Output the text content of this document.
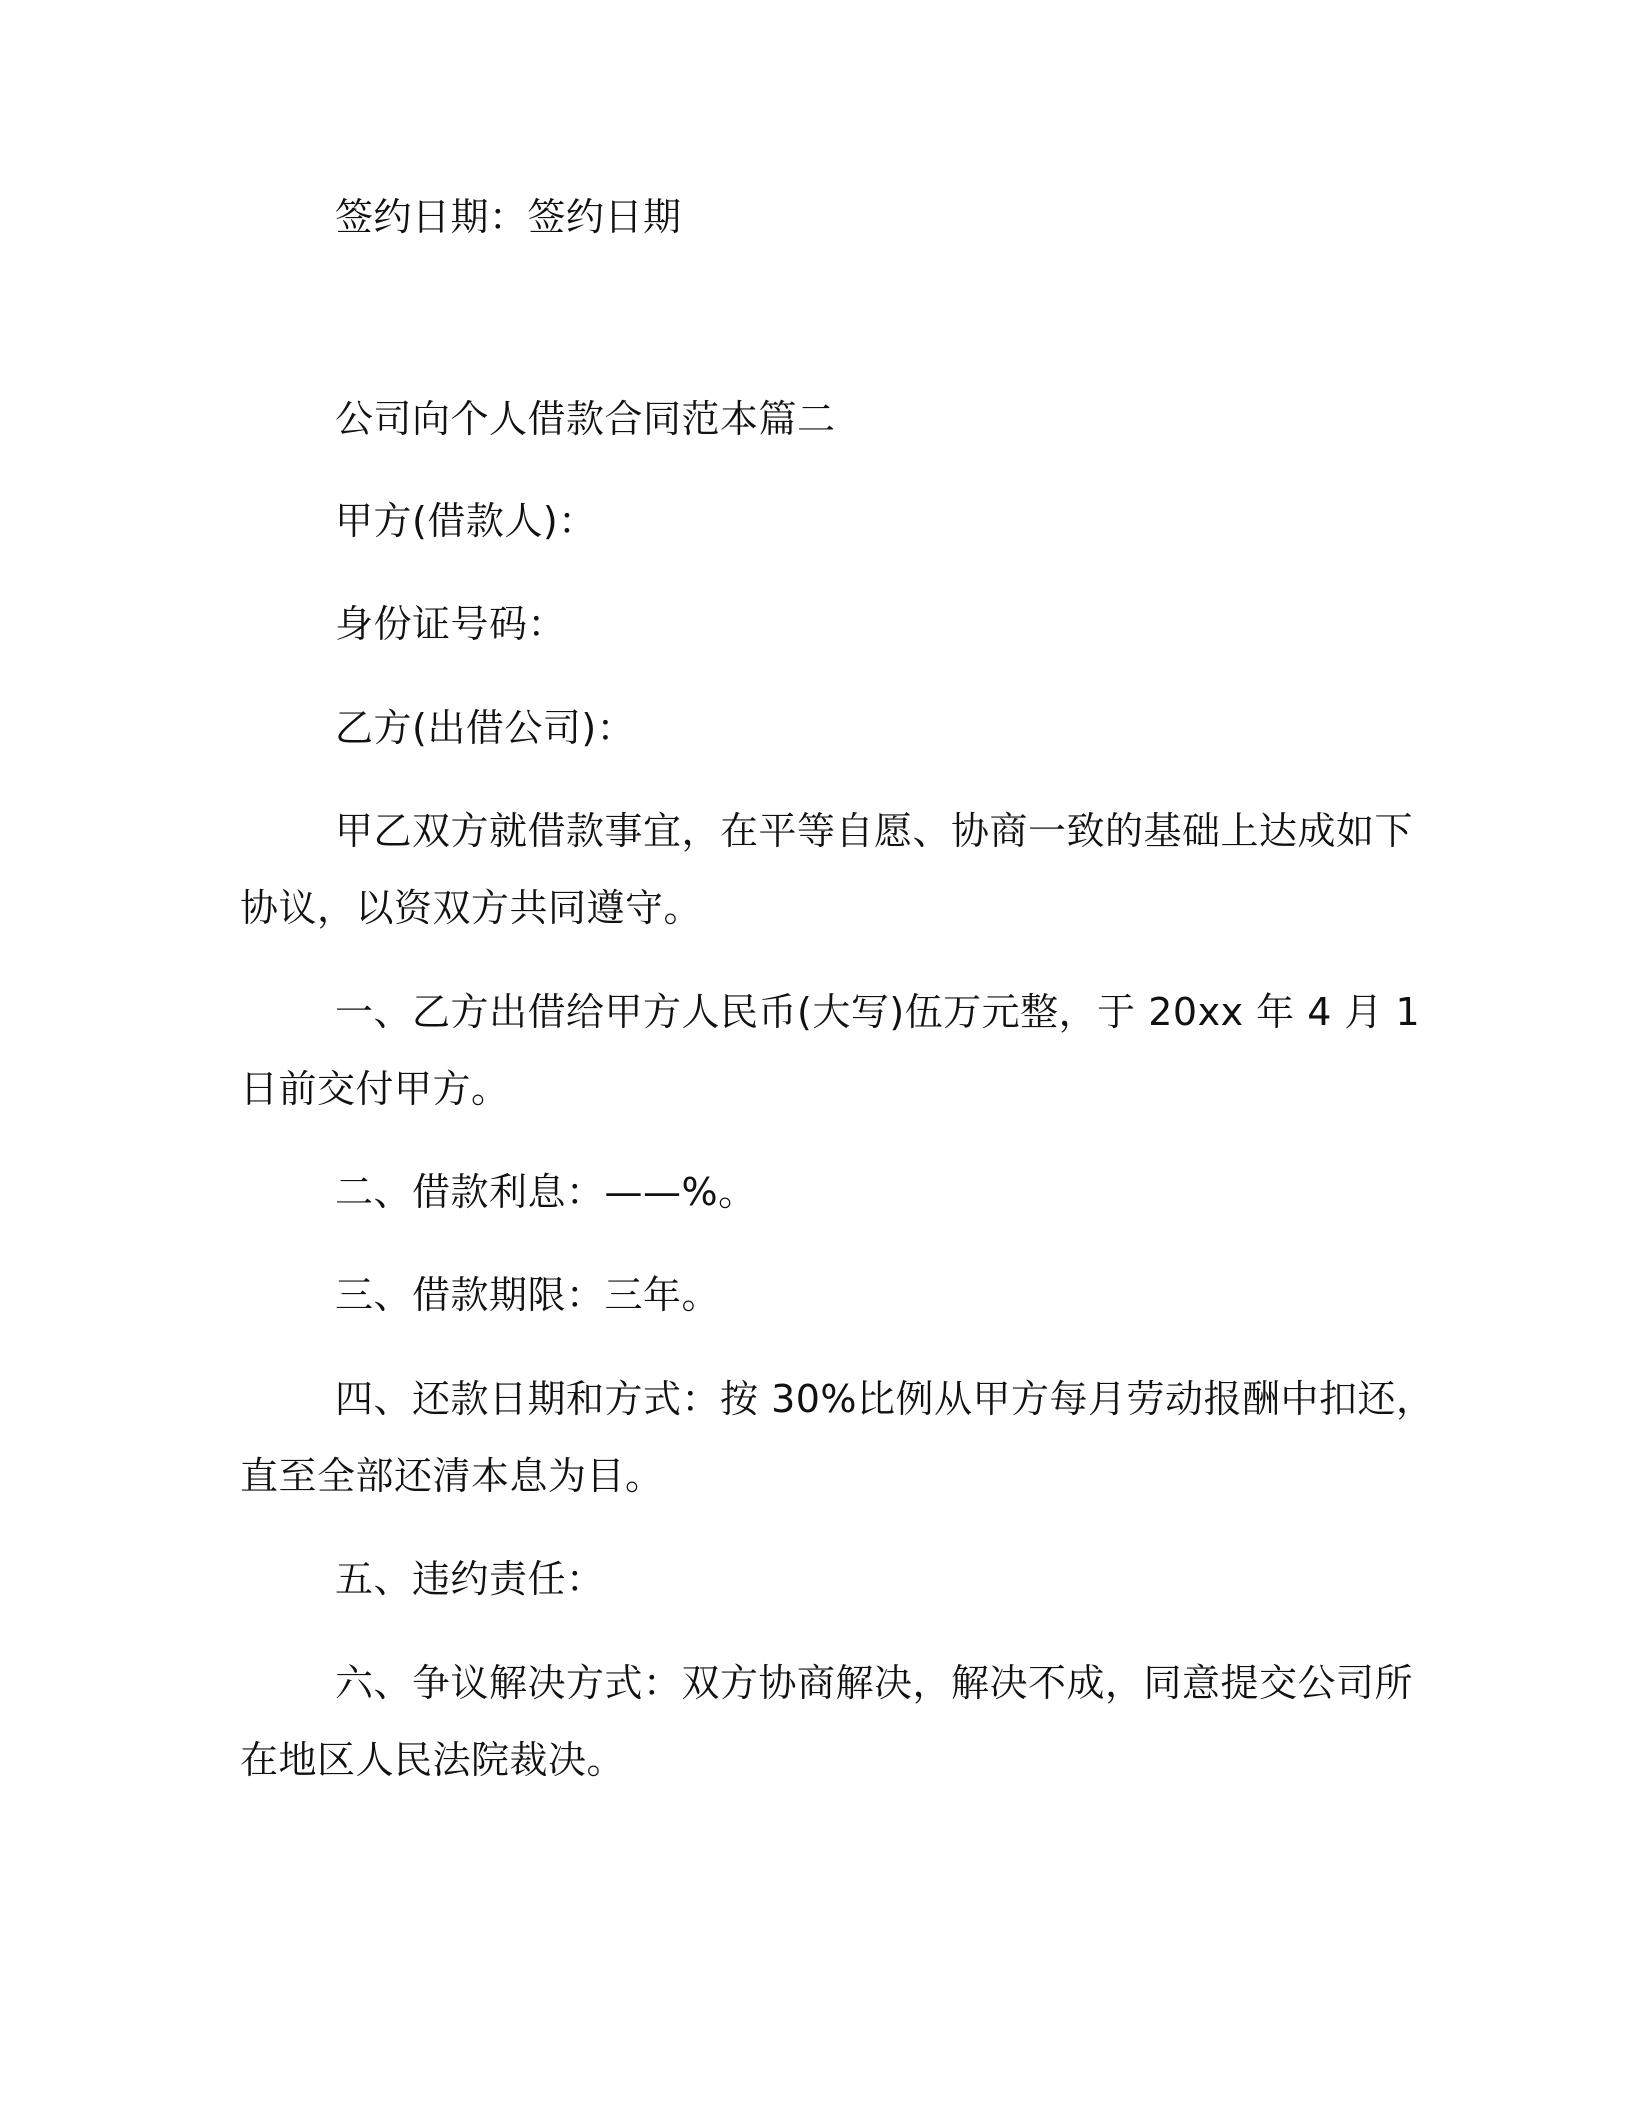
签约日期：签约日期

公司向个人借款合同范本篇二

甲方(借款人)：

身份证号码：

乙方(出借公司)：

甲乙双方就借款事宜，在平等自愿、协商一致的基础上达成如下

协议，以资双方共同遵守。

一、乙方出借给甲方人民币(大写)伍万元整，于 20xx 年 4 月 1

日前交付甲方。

二、借款利息：——%。

三、借款期限：三年。

四、还款日期和方式：按 30%比例从甲方每月劳动报酬中扣还，

直至全部还清本息为目。

五、违约责任：

六、争议解决方式：双方协商解决，解决不成，同意提交公司所

在地区人民法院裁决。
